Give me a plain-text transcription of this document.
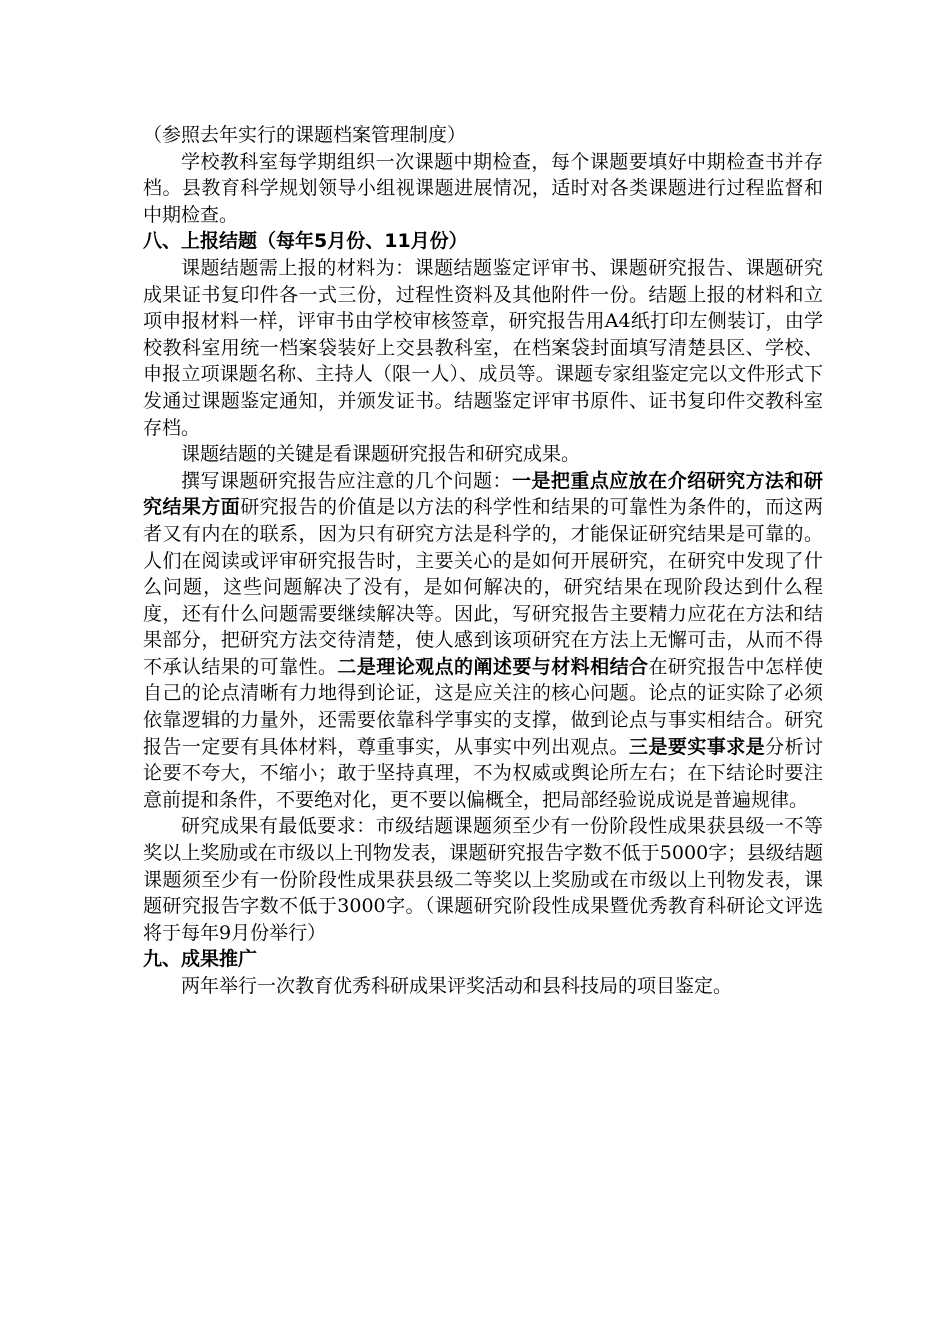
（参照去年实行的课题档案管理制度）

学校教科室每学期组织一次课题中期检查，每个课题要填好中期检查书并存档。县教育科学规划领导小组视课题进展情况，适时对各类课题进行过程监督和中期检查。

八、上报结题（每年5月份、11月份）

课题结题需上报的材料为：课题结题鉴定评审书、课题研究报告、课题研究成果证书复印件各一式三份，过程性资料及其他附件一份。结题上报的材料和立项申报材料一样，评审书由学校审核签章，研究报告用A4纸打印左侧装订，由学校教科室用统一档案袋装好上交县教科室，在档案袋封面填写清楚县区、学校、申报立项课题名称、主持人（限一人）、成员等。课题专家组鉴定完以文件形式下发通过课题鉴定通知，并颁发证书。结题鉴定评审书原件、证书复印件交教科室存档。

课题结题的关键是看课题研究报告和研究成果。

撰写课题研究报告应注意的几个问题：一是把重点应放在介绍研究方法和研究结果方面研究报告的价值是以方法的科学性和结果的可靠性为条件的，而这两者又有内在的联系，因为只有研究方法是科学的，才能保证研究结果是可靠的。人们在阅读或评审研究报告时，主要关心的是如何开展研究，在研究中发现了什么问题，这些问题解决了没有，是如何解决的，研究结果在现阶段达到什么程度，还有什么问题需要继续解决等。因此，写研究报告主要精力应花在方法和结果部分，把研究方法交待清楚，使人感到该项研究在方法上无懈可击，从而不得不承认结果的可靠性。二是理论观点的阐述要与材料相结合在研究报告中怎样使自己的论点清晰有力地得到论证，这是应关注的核心问题。论点的证实除了必须依靠逻辑的力量外，还需要依靠科学事实的支撑，做到论点与事实相结合。研究报告一定要有具体材料，尊重事实，从事实中列出观点。三是要实事求是分析讨论要不夸大，不缩小；敢于坚持真理，不为权威或舆论所左右；在下结论时要注意前提和条件，不要绝对化，更不要以偏概全，把局部经验说成说是普遍规律。

研究成果有最低要求：市级结题课题须至少有一份阶段性成果获县级一不等奖以上奖励或在市级以上刊物发表，课题研究报告字数不低于5000字；县级结题课题须至少有一份阶段性成果获县级二等奖以上奖励或在市级以上刊物发表，课题研究报告字数不低于3000字。（课题研究阶段性成果暨优秀教育科研论文评选将于每年9月份举行）

九、成果推广

两年举行一次教育优秀科研成果评奖活动和县科技局的项目鉴定。
